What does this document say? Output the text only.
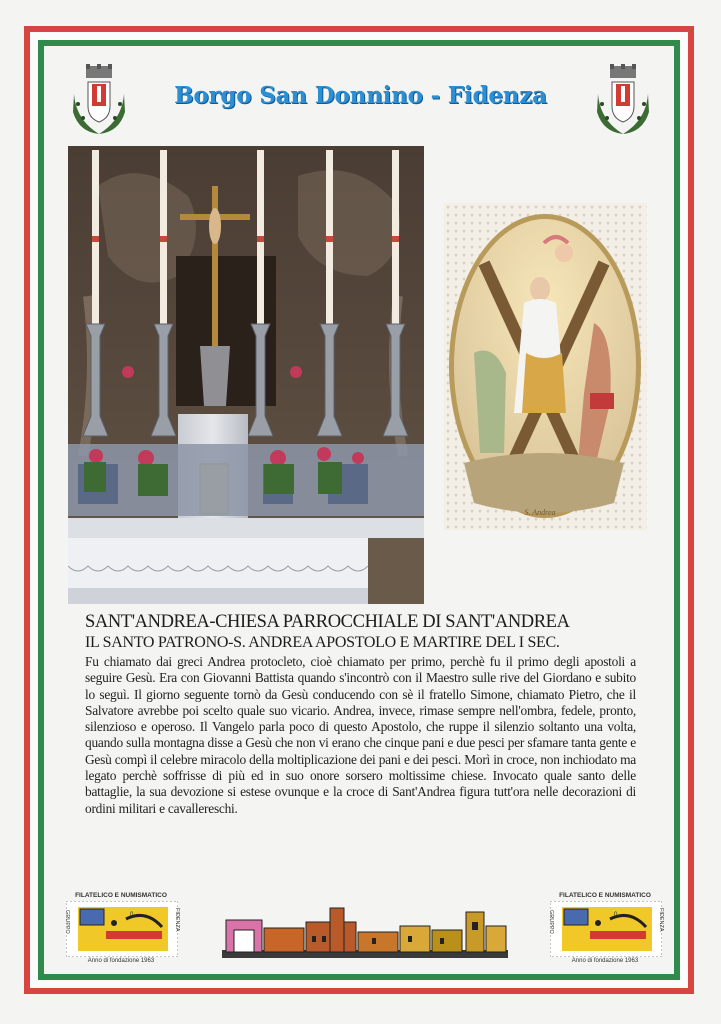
Borgo San Donnino - Fidenza
S. Andrea
SANT'ANDREA-CHIESA PARROCCHIALE DI SANT'ANDREA
IL SANTO PATRONO-S. ANDREA APOSTOLO E MARTIRE DEL I SEC.

Fu chiamato dai greci Andrea protocleto, cioè chiamato per primo, perchè fu il primo degli apostoli a seguire Gesù. Era con Giovanni Battista quando s'incontrò con il Maestro sulle rive del Giordano e subito lo seguì. Il giorno seguente tornò da Gesù conducendo con sè il fratello Simone, chiamato Pietro, che il Salvatore avrebbe poi scelto quale suo vicario. Andrea, invece, rimase sempre nell'ombra, fedele, pronto, silenzioso e operoso. Il Vangelo parla poco di questo Apostolo, che ruppe il silenzio soltanto una volta, quando sulla montagna disse a Gesù che non vi erano che cinque pani e due pesci per sfamare tanta gente e Gesù compì il celebre miracolo della moltiplicazione dei pani e dei pesci. Morì in croce, non inchiodato ma legato perchè soffrisse di più ed in suo onore sorsero moltissime chiese. Invocato quale santo delle battaglie, la sua devozione si estese ovunque e la croce di Sant'Andrea figura tutt'ora nelle decorazioni di ordini militari e cavallereschi.

FILATELICO E NUMISMATICO
GRUPPO	FIDENZA
0
Anno di fondazione 1963
FILATELICO E NUMISMATICO
GRUPPO	FIDENZA
0
Anno di fondazione 1963
